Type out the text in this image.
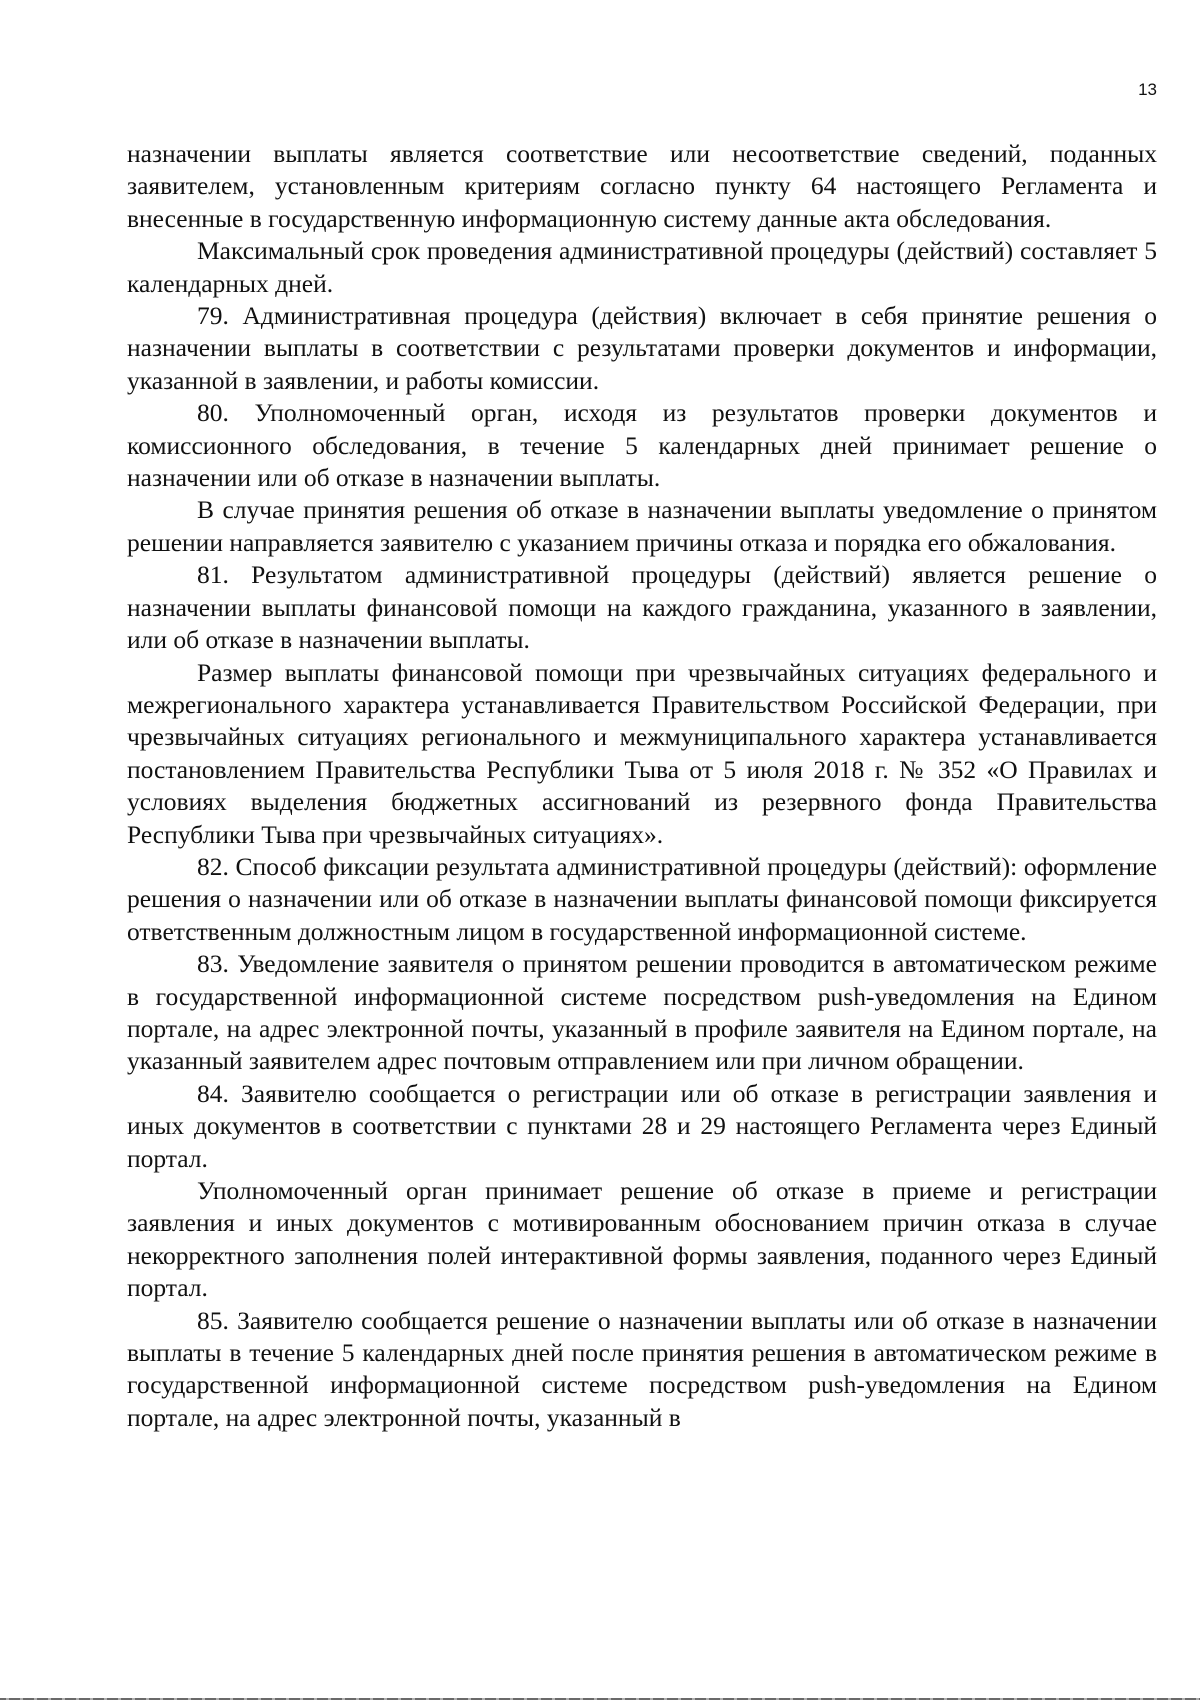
13

назначении выплаты является соответствие или несоответствие сведений, поданных заявителем, установленным критериям согласно пункту 64 настоящего Регламента и внесенные в государственную информационную систему данные акта обследования.

Максимальный срок проведения административной процедуры (действий) составляет 5 календарных дней.

79. Административная процедура (действия) включает в себя принятие решения о назначении выплаты в соответствии с результатами проверки документов и информации, указанной в заявлении, и работы комиссии.

80. Уполномоченный орган, исходя из результатов проверки документов и комиссионного обследования, в течение 5 календарных дней принимает решение о назначении или об отказе в назначении выплаты.

В случае принятия решения об отказе в назначении выплаты уведомление о принятом решении направляется заявителю с указанием причины отказа и порядка его обжалования.

81. Результатом административной процедуры (действий) является решение о назначении выплаты финансовой помощи на каждого гражданина, указанного в заявлении, или об отказе в назначении выплаты.

Размер выплаты финансовой помощи при чрезвычайных ситуациях федерального и межрегионального характера устанавливается Правительством Российской Федерации, при чрезвычайных ситуациях регионального и межмуниципального характера устанавливается постановлением Правительства Республики Тыва от 5 июля 2018 г. № 352 «О Правилах и условиях выделения бюджетных ассигнований из резервного фонда Правительства Республики Тыва при чрезвычайных ситуациях».

82. Способ фиксации результата административной процедуры (действий): оформление решения о назначении или об отказе в назначении выплаты финансовой помощи фиксируется ответственным должностным лицом в государственной информационной системе.

83. Уведомление заявителя о принятом решении проводится в автоматическом режиме в государственной информационной системе посредством push-уведомления на Едином портале, на адрес электронной почты, указанный в профиле заявителя на Едином портале, на указанный заявителем адрес почтовым отправлением или при личном обращении.

84. Заявителю сообщается о регистрации или об отказе в регистрации заявления и иных документов в соответствии с пунктами 28 и 29 настоящего Регламента через Единый портал.

Уполномоченный орган принимает решение об отказе в приеме и регистрации заявления и иных документов с мотивированным обоснованием причин отказа в случае некорректного заполнения полей интерактивной формы заявления, поданного через Единый портал.

85. Заявителю сообщается решение о назначении выплаты или об отказе в назначении выплаты в течение 5 календарных дней после принятия решения в автоматическом режиме в государственной информационной системе посредством push-уведомления на Едином портале, на адрес электронной почты, указанный в
